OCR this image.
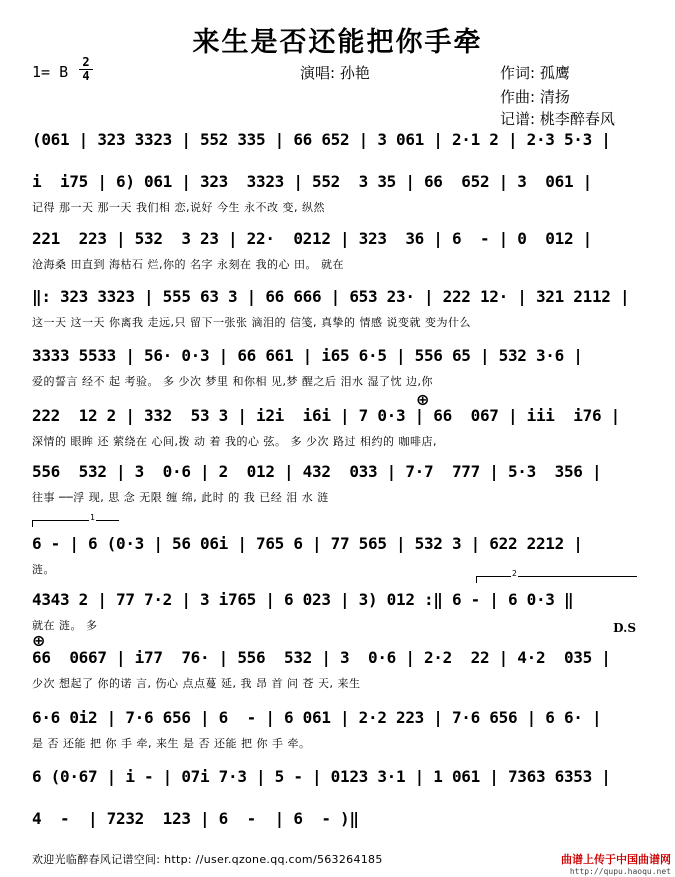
来生是否还能把你手牵
1= B
2
4	演唱: 孙艳	作词: 孤鹰
作曲: 清扬
记谱: 桃李醉春风
(061 | 323 3323 | 552 335 | 66 652 | 3 061 | 2·1 2 | 2·3 5·3 |
i  i75 | 6) 061 | 323  3323 | 552  3 35 | 66  652 | 3  061 |
记得 那一天 那一天 我们相 恋,说好 今生 永不改 变, 纵然
221  223 | 532  3 23 | 22·  0212 | 323  36 | 6  - | 0  012 |
沧海桑 田直到 海枯石 烂,你的 名字 永刻在 我的心 田。 就在
‖: 323 3323 | 555 63 3 | 66 666 | 653 23· | 222 12· | 321 2112 |
这一天 这一天 你离我 走远,只 留下一张张 滴泪的 信笺, 真挚的 情感 说变就 变为什么
3333 5533 | 56· 0·3 | 66 661 | i65 6·5 | 556 65 | 532 3·6 |
爱的誓言 经不 起 考验。 多 少次 梦里 和你相 见,梦 醒之后 泪水 湿了忱 边,你
⊕
222  12 2 | 332  53 3 | i2i  i6i | 7 0·3 | 66  067 | iii  i76 |
深情的 眼眸 还 萦绕在 心间,拨 动 着 我的心 弦。 多 少次 路过 相约的 咖啡店,
556  532 | 3  0·6 | 2  012 | 432  033 | 7·7  777 | 5·3  356 |
往事 ──浮 现, 思 念 无限 缠 绵, 此时 的 我 已经 泪 水 涟
1
6 - | 6 (0·3 | 56 06i | 765 6 | 77 565 | 532 3 | 622 2212 |
涟。	2
4343 2 | 77 7·2 | 3 i765 | 6 023 | 3) 012 :‖ 6 - | 6 0·3 ‖
就在 涟。 多	D.S
⊕
66  0667 | i77  76· | 556  532 | 3  0·6 | 2·2  22 | 4·2  035 |
少次 想起了 你的诺 言, 伤心 点点蔓 延, 我 昂 首 问 苍 天, 来生
6·6 0i2 | 7·6 656 | 6  - | 6 061 | 2·2 223 | 7·6 656 | 6 6· |
是 否 还能 把 你 手 牵, 来生 是 否 还能 把 你 手 牵。
6 (0·67 | i - | 07i 7·3 | 5 - | 0123 3·1 | 1 061 | 7363 6353 |
4  -  | 7232  123 | 6  -  | 6  - )‖
欢迎光临醉春风记谱空间: http: //user.qzone.qq.com/563264185	曲谱上传于中国曲谱网
http://qupu.haoqu.net
